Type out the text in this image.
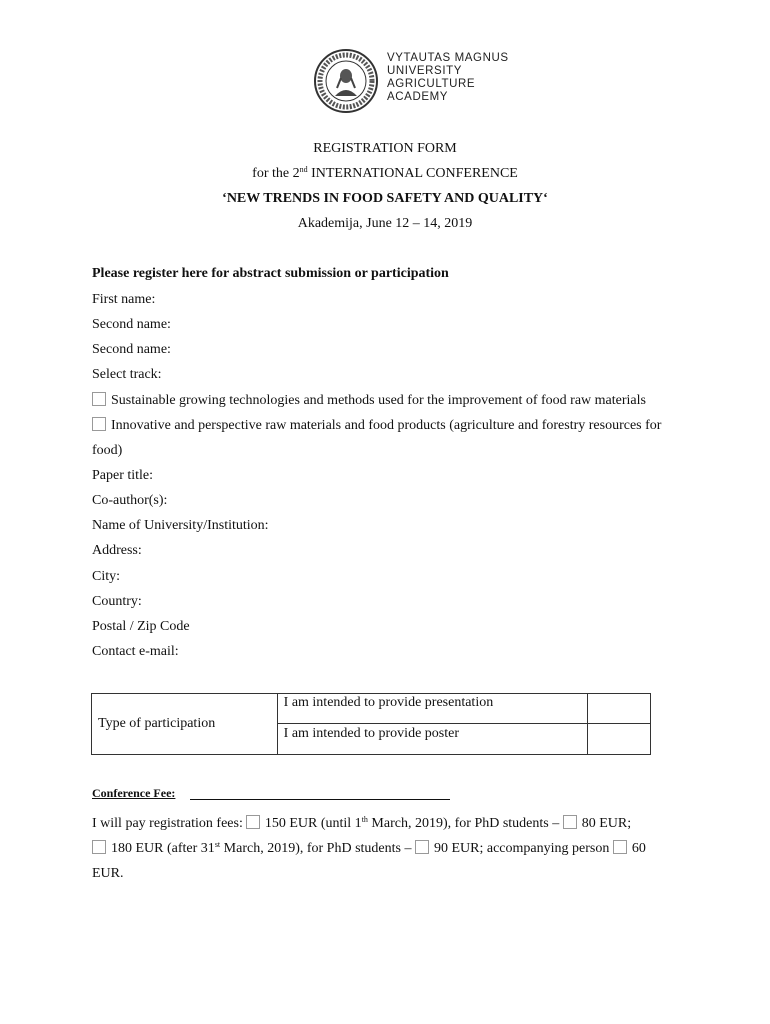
VYTAUTAS MAGNUS
UNIVERSITY
AGRICULTURE
ACADEMY
REGISTRATION FORM
for the 2nd INTERNATIONAL CONFERENCE
‘NEW TRENDS IN FOOD SAFETY AND QUALITY‘
Akademija, June 12 – 14, 2019
Please register here for abstract submission or participation
First name:
Second name:
Second name:
Select track:
Sustainable growing technologies and methods used for the improvement of food raw materials
Innovative and perspective raw materials and food products (agriculture and forestry resources for
food)
Paper title:
Co-author(s):
Name of University/Institution:
Address:
City:
Country:
Postal / Zip Code
Contact e-mail:
Type of participation	I am intended to provide presentation	
	I am intended to provide poster	
Conference Fee:
I will pay registration fees: 150 EUR (until 1th March, 2019), for PhD students – 80 EUR;
180 EUR (after 31st March, 2019), for PhD students – 90 EUR; accompanying person 60
EUR.
